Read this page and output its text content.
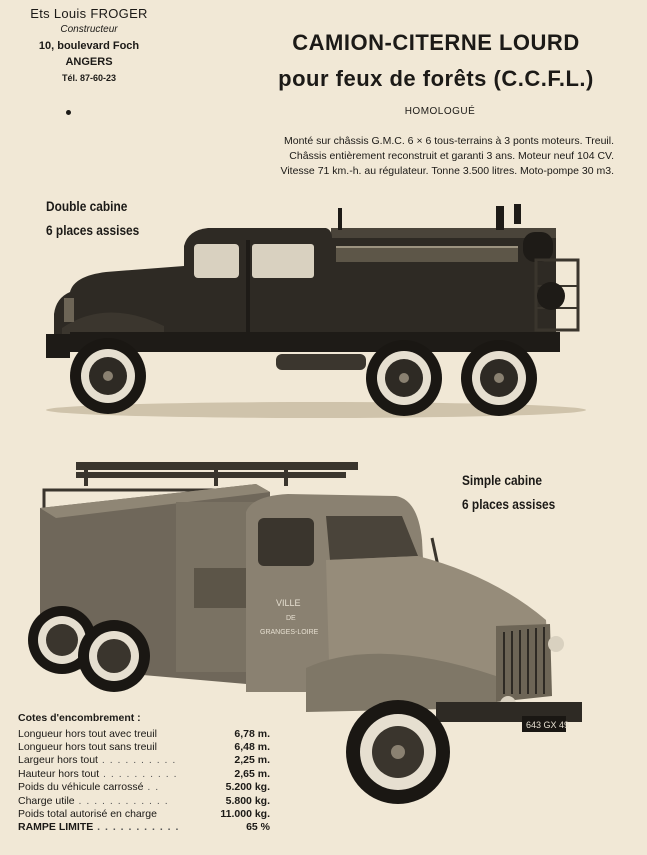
Ets Louis FROGER
Constructeur
10, boulevard Foch
ANGERS
Tél. 87-60-23
CAMION-CITERNE LOURD
pour feux de forêts (C.C.F.L.)
HOMOLOGUÉ
Monté sur châssis G.M.C. 6 × 6 tous-terrains à 3 ponts moteurs. Treuil.
Châssis entièrement reconstruit et garanti 3 ans. Moteur neuf 104 CV.
Vitesse 71 km.-h. au régulateur. Tonne 3.500 litres. Moto-pompe 30 m3.
Double cabine
6 places assises
Simple cabine
6 places assises
VILLE
DE
GRANGES-LOIRE
643 GX 49
Cotes d'encombrement :
Longueur hors tout avec treuil	6,78 m.
Longueur hors tout sans treuil	6,48 m.
Largeur hors tout . . . . . . . . . .	2,25 m.
Hauteur hors tout . . . . . . . . . .	2,65 m.
Poids du véhicule carrossé . .	5.200 kg.
Charge utile . . . . . . . . . . . .	5.800 kg.
Poids total autorisé en charge	11.000 kg.
RAMPE LIMITE . . . . . . . . . . .	65 %
